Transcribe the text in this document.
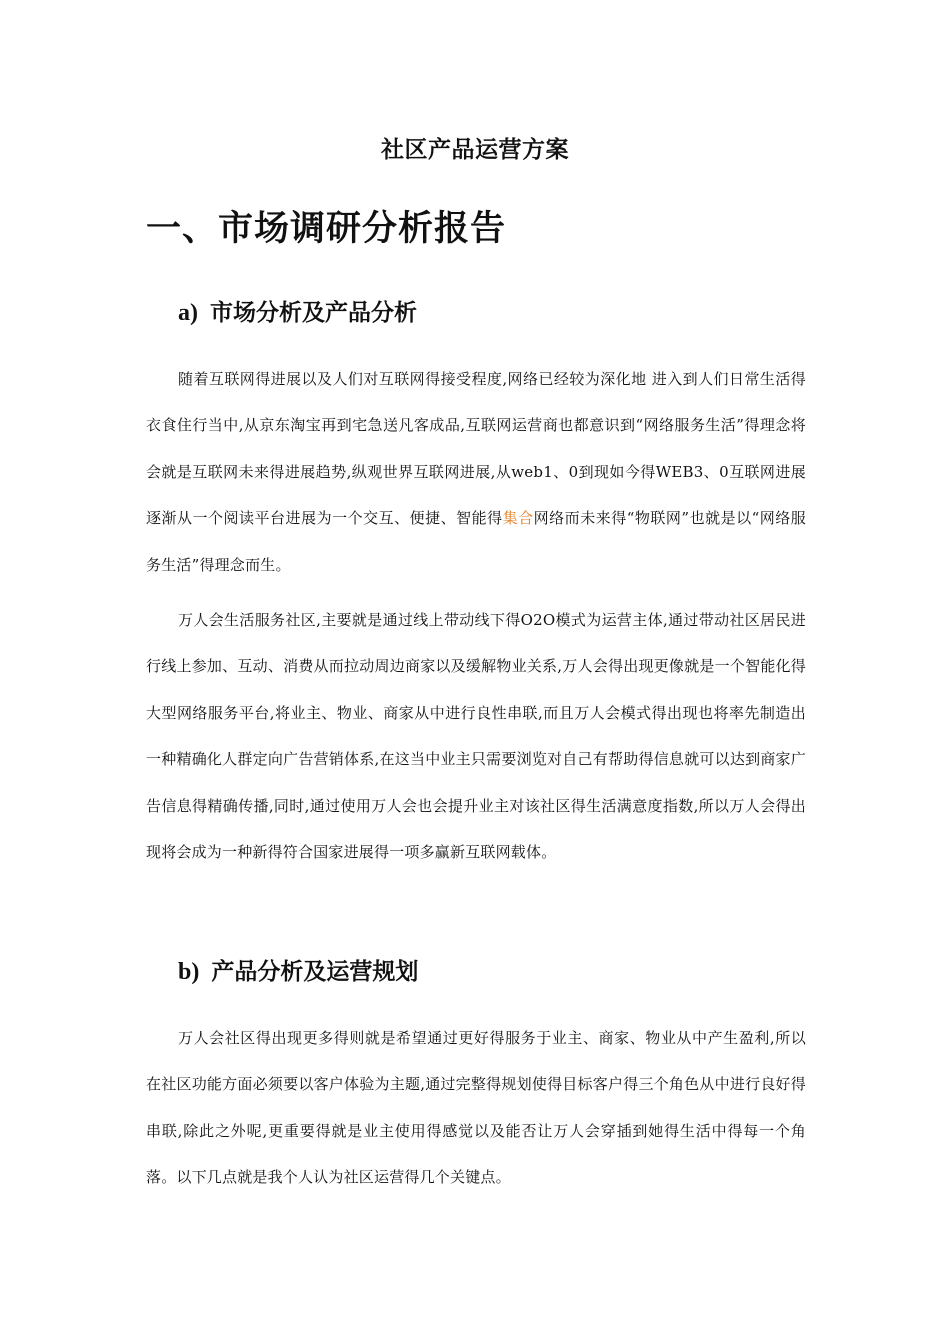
社区产品运营方案
一、市场调研分析报告
a) 市场分析及产品分析

随着互联网得进展以及人们对互联网得接受程度,网络已经较为深化地 进入到人们日常生活得衣食住行当中,从京东淘宝再到宅急送凡客成品,互联网运营商也都意识到“网络服务生活”得理念将会就是互联网未来得进展趋势,纵观世界互联网进展,从web1、0到现如今得WEB3、0互联网进展逐渐从一个阅读平台进展为一个交互、便捷、智能得集合网络而未来得“物联网”也就是以“网络服务生活”得理念而生。

万人会生活服务社区,主要就是通过线上带动线下得O2O模式为运营主体,通过带动社区居民进行线上参加、互动、消费从而拉动周边商家以及缓解物业关系,万人会得出现更像就是一个智能化得大型网络服务平台,将业主、物业、商家从中进行良性串联,而且万人会模式得出现也将率先制造出一种精确化人群定向广告营销体系,在这当中业主只需要浏览对自己有帮助得信息就可以达到商家广告信息得精确传播,同时,通过使用万人会也会提升业主对该社区得生活满意度指数,所以万人会得出现将会成为一种新得符合国家进展得一项多赢新互联网载体。

b) 产品分析及运营规划

万人会社区得出现更多得则就是希望通过更好得服务于业主、商家、物业从中产生盈利,所以在社区功能方面必须要以客户体验为主题,通过完整得规划使得目标客户得三个角色从中进行良好得串联,除此之外呢,更重要得就是业主使用得感觉以及能否让万人会穿插到她得生活中得每一个角落。以下几点就是我个人认为社区运营得几个关键点。
